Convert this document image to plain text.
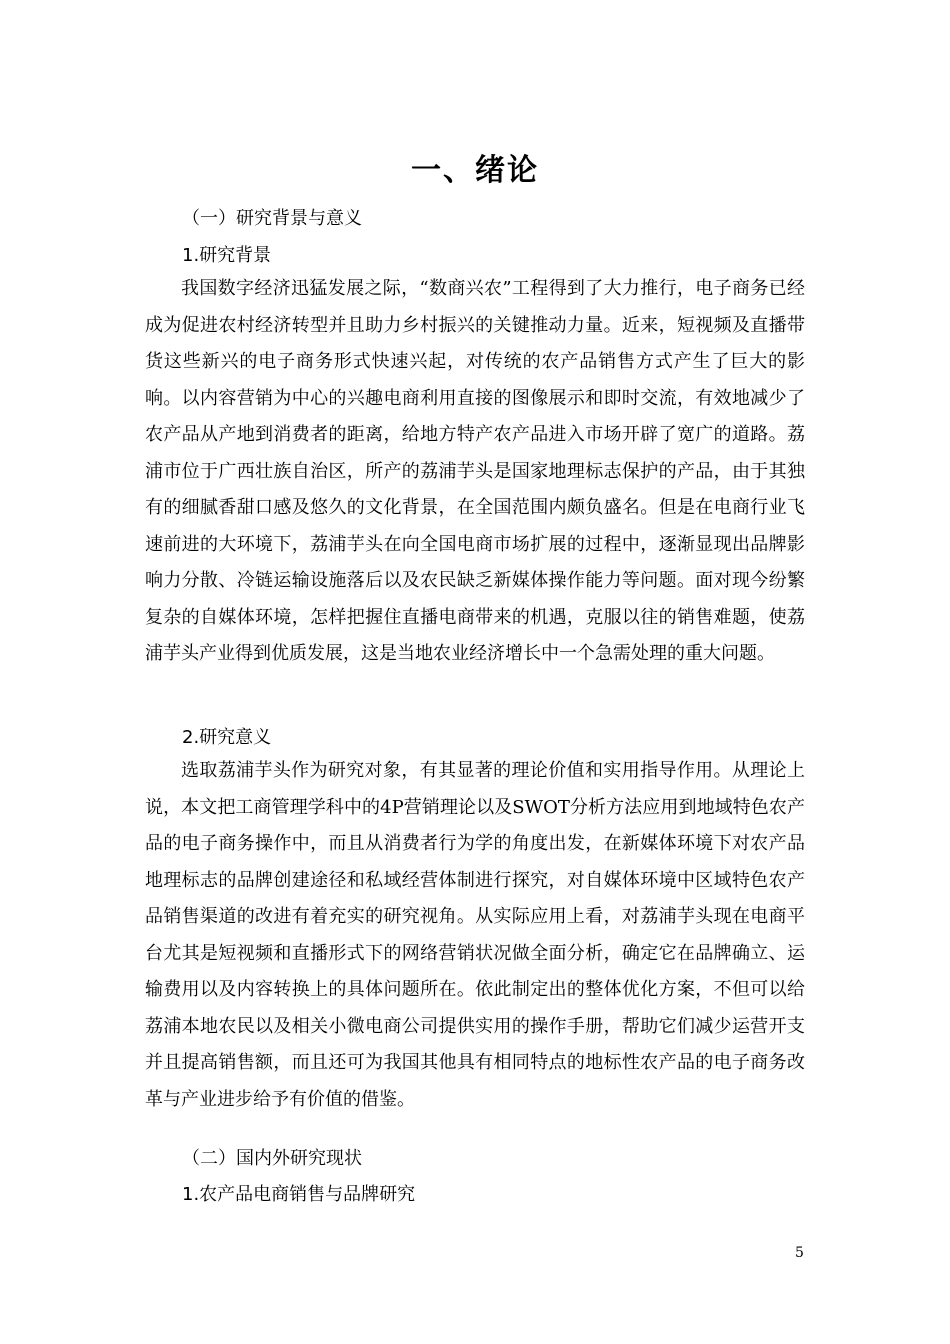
一、绪论
（一）研究背景与意义
1.研究背景
我国数字经济迅猛发展之际，“数商兴农”工程得到了大力推行，电子商务已经成为促进农村经济转型并且助力乡村振兴的关键推动力量。近来，短视频及直播带货这些新兴的电子商务形式快速兴起，对传统的农产品销售方式产生了巨大的影响。以内容营销为中心的兴趣电商利用直接的图像展示和即时交流，有效地减少了农产品从产地到消费者的距离，给地方特产农产品进入市场开辟了宽广的道路。荔浦市位于广西壮族自治区，所产的荔浦芋头是国家地理标志保护的产品，由于其独有的细腻香甜口感及悠久的文化背景，在全国范围内颇负盛名。但是在电商行业飞速前进的大环境下，荔浦芋头在向全国电商市场扩展的过程中，逐渐显现出品牌影响力分散、冷链运输设施落后以及农民缺乏新媒体操作能力等问题。面对现今纷繁复杂的自媒体环境，怎样把握住直播电商带来的机遇，克服以往的销售难题，使荔浦芋头产业得到优质发展，这是当地农业经济增长中一个急需处理的重大问题。
2.研究意义
选取荔浦芋头作为研究对象，有其显著的理论价值和实用指导作用。从理论上说，本文把工商管理学科中的4P营销理论以及SWOT分析方法应用到地域特色农产品的电子商务操作中，而且从消费者行为学的角度出发，在新媒体环境下对农产品地理标志的品牌创建途径和私域经营体制进行探究，对自媒体环境中区域特色农产品销售渠道的改进有着充实的研究视角。从实际应用上看，对荔浦芋头现在电商平台尤其是短视频和直播形式下的网络营销状况做全面分析，确定它在品牌确立、运输费用以及内容转换上的具体问题所在。依此制定出的整体优化方案，不但可以给荔浦本地农民以及相关小微电商公司提供实用的操作手册，帮助它们减少运营开支并且提高销售额，而且还可为我国其他具有相同特点的地标性农产品的电子商务改革与产业进步给予有价值的借鉴。
（二）国内外研究现状
1.农产品电商销售与品牌研究
5
